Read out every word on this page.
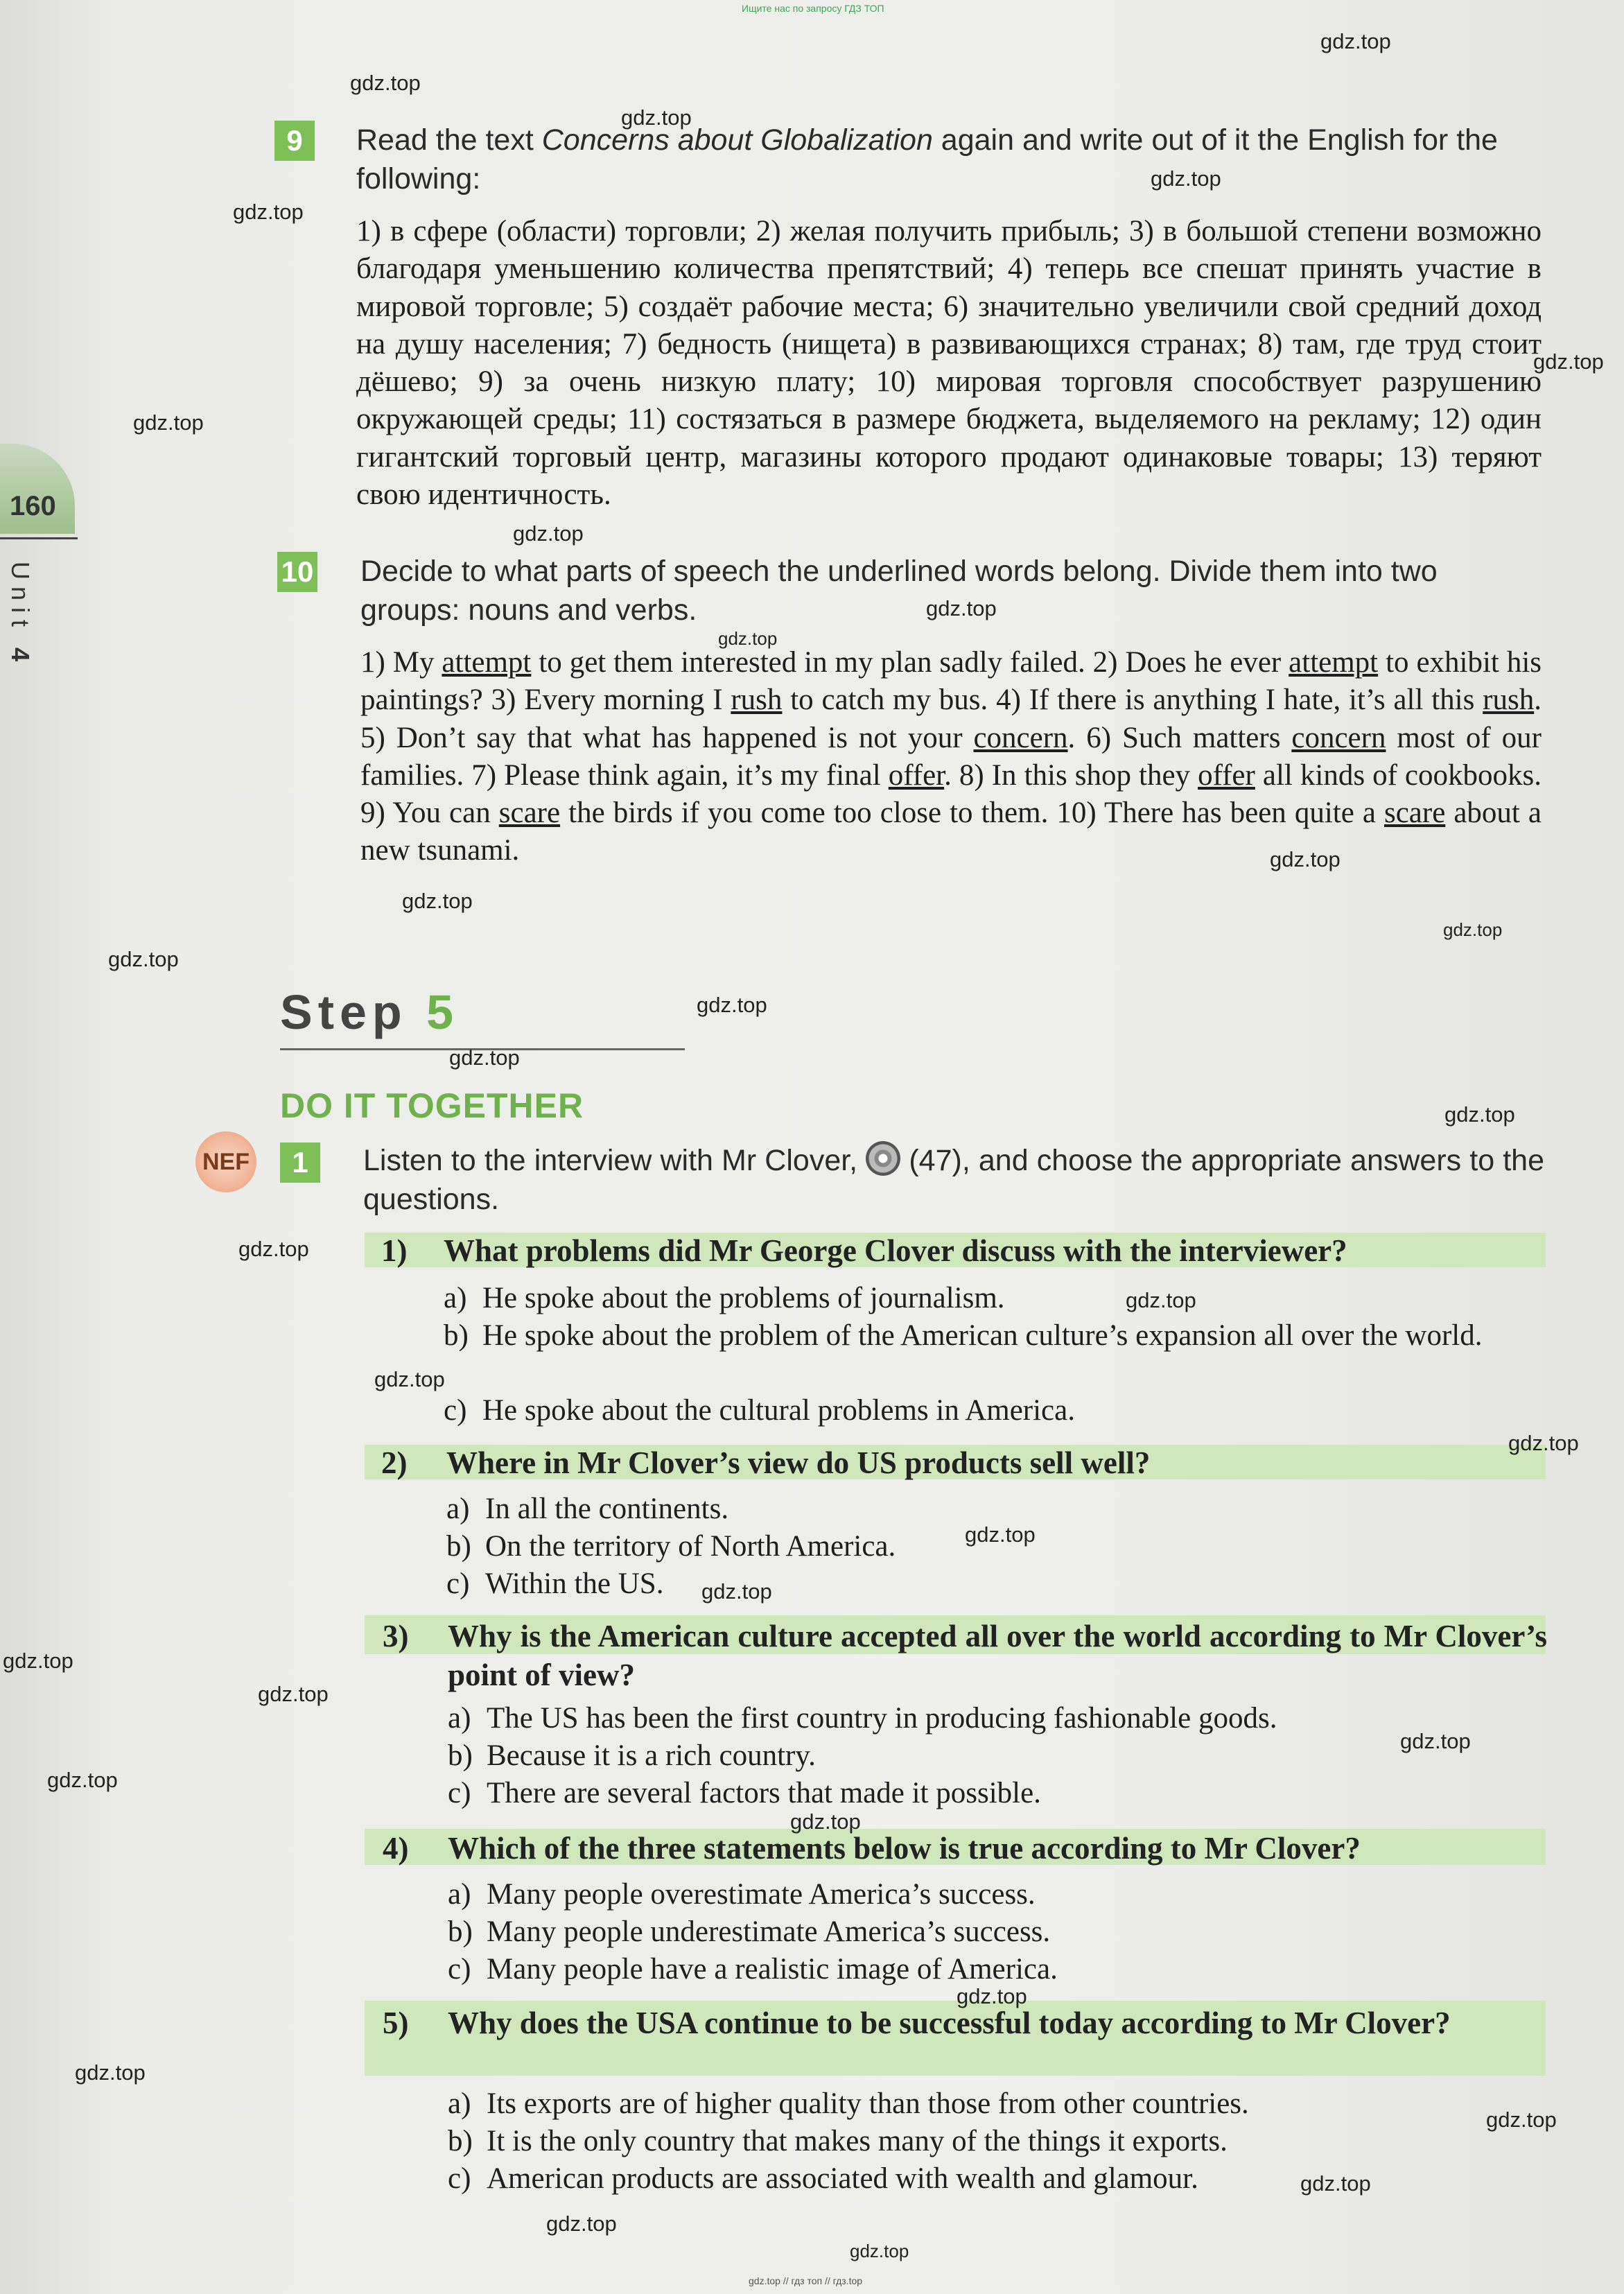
Ищите нас по запросу ГДЗ ТОП
160
Unit 4
9	Read the text Concerns about Globalization again and write out of it the English for the following:
1) в сфере (области) торговли; 2) желая получить прибыль; 3) в большой степени возможно благодаря уменьшению количества препятствий; 4) теперь все спешат принять участие в мировой торговле; 5) создаёт рабочие места; 6) значительно увеличили свой средний доход на душу населения; 7) бедность (нищета) в развивающихся странах; 8) там, где труд стоит дёшево; 9) за очень низкую плату; 10) мировая торговля способствует разрушению окружающей среды; 11) состязаться в размере бюджета, выделяемого на рекламу; 12) один гигантский торговый центр, магазины которого продают одинаковые товары; 13) теряют свою идентичность.
10 Decide to what parts of speech the underlined words belong. Divide them into two groups: nouns and verbs.
1) My attempt to get them interested in my plan sadly failed. 2) Does he ever attempt to exhibit his paintings? 3) Every morning I rush to catch my bus. 4) If there is anything I hate, it’s all this rush. 5) Don’t say that what has happened is not your concern. 6) Such matters concern most of our families. 7) Please think again, it’s my final offer. 8) In this shop they offer all kinds of cookbooks. 9) You can scare the birds if you come too close to them. 10) There has been quite a scare about a new tsunami.
Step 5
DO IT TOGETHER
NEF	1	Listen to the interview with Mr Clover, (47), and choose the appropriate answers to the questions.
1) What problems did Mr George Clover discuss with the interviewer?
a) He spoke about the problems of journalism.
b) He spoke about the problem of the American culture’s expansion all over the world.
c) He spoke about the cultural problems in America.
2) Where in Mr Clover’s view do US products sell well?
a) In all the continents.
b) On the territory of North America.
c) Within the US.
3) Why is the American culture accepted all over the world according to Mr Clover’s point of view?
a) The US has been the first country in producing fashionable goods.
b) Because it is a rich country.
c) There are several factors that made it possible.
4) Which of the three statements below is true according to Mr Clover?
a) Many people overestimate America’s success.
b) Many people underestimate America’s success.
c) Many people have a realistic image of America.
5) Why does the USA continue to be successful today according to Mr Clover?
a) Its exports are of higher quality than those from other countries.
b) It is the only country that makes many of the things it exports.
c) American products are associated with wealth and glamour.
gdz.top
gdz.top
gdz.top
gdz.top
gdz.top
gdz.top
gdz.top
gdz.top
gdz.top
gdz.top
gdz.top
gdz.top
gdz.top
gdz.top
gdz.top
gdz.top
gdz.top
gdz.top
gdz.top
gdz.top
gdz.top
gdz.top
gdz.top
gdz.top
gdz.top
gdz.top
gdz.top
gdz.top
gdz.top
gdz.top
gdz.top
gdz.top
gdz.top
gdz.top
gdz.top // гдз топ // гдз.top
